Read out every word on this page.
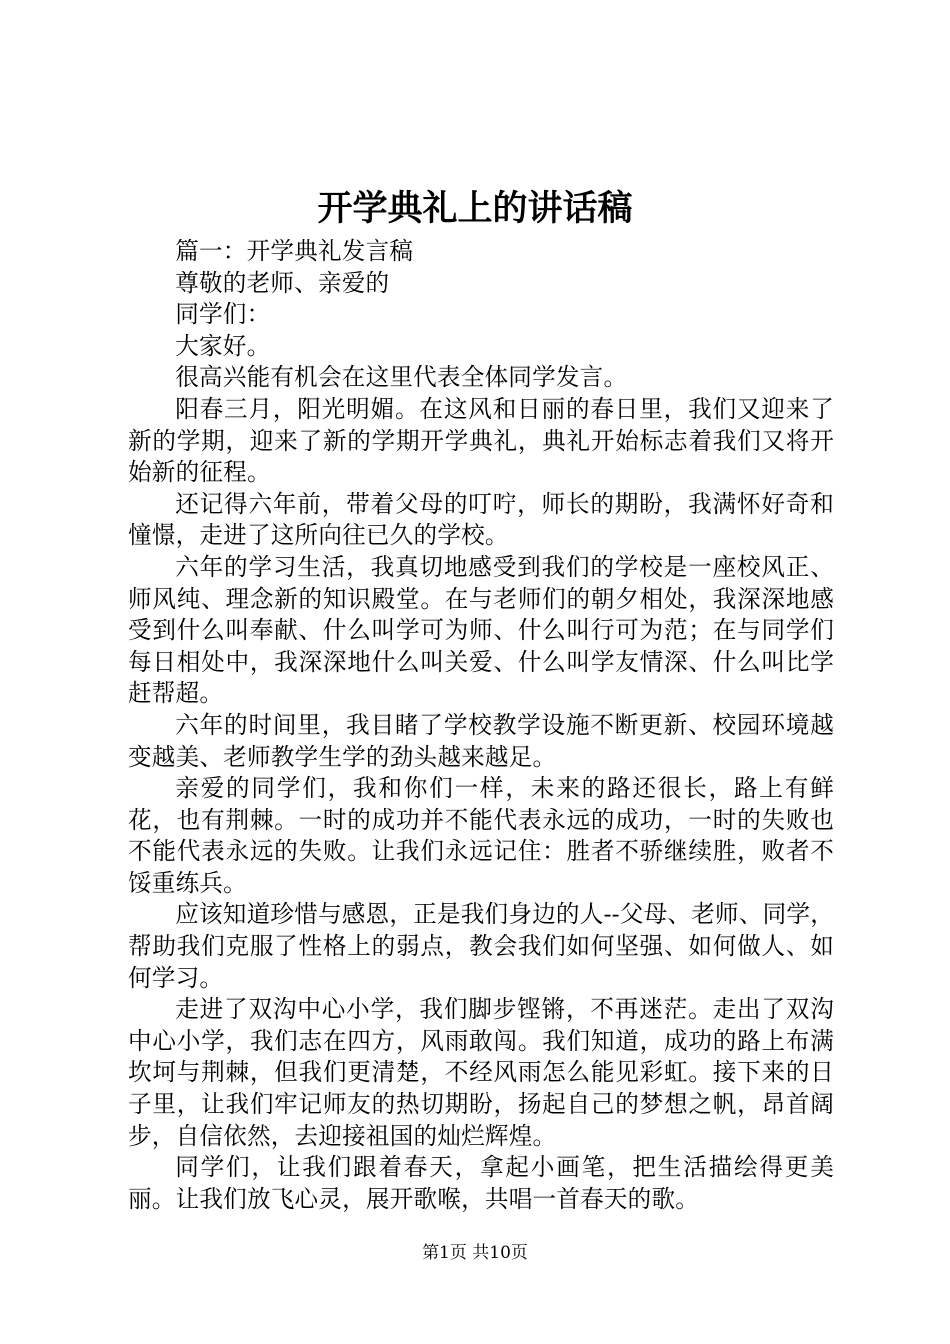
开学典礼上的讲话稿

篇一：开学典礼发言稿

尊敬的老师、亲爱的

同学们：

大家好。

很高兴能有机会在这里代表全体同学发言。

阳春三月，阳光明媚。在这风和日丽的春日里，我们又迎来了新的学期，迎来了新的学期开学典礼，典礼开始标志着我们又将开始新的征程。

还记得六年前，带着父母的叮咛，师长的期盼，我满怀好奇和憧憬，走进了这所向往已久的学校。

六年的学习生活，我真切地感受到我们的学校是一座校风正、师风纯、理念新的知识殿堂。在与老师们的朝夕相处，我深深地感受到什么叫奉献、什么叫学可为师、什么叫行可为范；在与同学们每日相处中，我深深地什么叫关爱、什么叫学友情深、什么叫比学赶帮超。

六年的时间里，我目睹了学校教学设施不断更新、校园环境越变越美、老师教学生学的劲头越来越足。

亲爱的同学们，我和你们一样，未来的路还很长，路上有鲜花，也有荆棘。一时的成功并不能代表永远的成功，一时的失败也不能代表永远的失败。让我们永远记住：胜者不骄继续胜，败者不馁重练兵。

应该知道珍惜与感恩，正是我们身边的人--父母、老师、同学，帮助我们克服了性格上的弱点，教会我们如何坚强、如何做人、如何学习。

走进了双沟中心小学，我们脚步铿锵，不再迷茫。走出了双沟中心小学，我们志在四方，风雨敢闯。我们知道，成功的路上布满坎坷与荆棘，但我们更清楚，不经风雨怎么能见彩虹。接下来的日子里，让我们牢记师友的热切期盼，扬起自己的梦想之帆，昂首阔步，自信依然，去迎接祖国的灿烂辉煌。

同学们，让我们跟着春天，拿起小画笔，把生活描绘得更美丽。让我们放飞心灵，展开歌喉，共唱一首春天的歌。

第1页 共10页
